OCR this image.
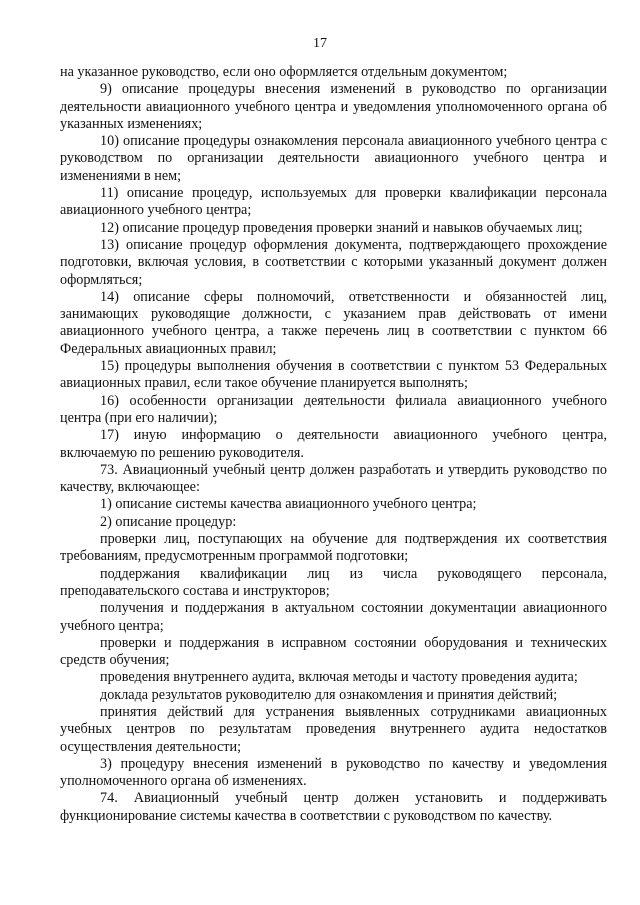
17

на указанное руководство, если оно оформляется отдельным документом;

9) описание процедуры внесения изменений в руководство по организации деятельности авиационного учебного центра и уведомления уполномоченного органа об указанных изменениях;

10) описание процедуры ознакомления персонала авиационного учебного центра с руководством по организации деятельности авиационного учебного центра и изменениями в нем;

11) описание процедур, используемых для проверки квалификации персонала авиационного учебного центра;

12) описание процедур проведения проверки знаний и навыков обучаемых лиц;

13) описание процедур оформления документа, подтверждающего прохождение подготовки, включая условия, в соответствии с которыми указанный документ должен оформляться;

14) описание сферы полномочий, ответственности и обязанностей лиц, занимающих руководящие должности, с указанием прав действовать от имени авиационного учебного центра, а также перечень лиц в соответствии с пунктом 66 Федеральных авиационных правил;

15) процедуры выполнения обучения в соответствии с пунктом 53 Федеральных авиационных правил, если такое обучение планируется выполнять;

16) особенности организации деятельности филиала авиационного учебного центра (при его наличии);

17) иную информацию о деятельности авиационного учебного центра, включаемую по решению руководителя.

73. Авиационный учебный центр должен разработать и утвердить руководство по качеству, включающее:

1) описание системы качества авиационного учебного центра;

2) описание процедур:

проверки лиц, поступающих на обучение для подтверждения их соответствия требованиям, предусмотренным программой подготовки;

поддержания квалификации лиц из числа руководящего персонала, преподавательского состава и инструкторов;

получения и поддержания в актуальном состоянии документации авиационного учебного центра;

проверки и поддержания в исправном состоянии оборудования и технических средств обучения;

проведения внутреннего аудита, включая методы и частоту проведения аудита;

доклада результатов руководителю для ознакомления и принятия действий;

принятия действий для устранения выявленных сотрудниками авиационных учебных центров по результатам проведения внутреннего аудита недостатков осуществления деятельности;

3) процедуру внесения изменений в руководство по качеству и уведомления уполномоченного органа об изменениях.

74. Авиационный учебный центр должен установить и поддерживать функционирование системы качества в соответствии с руководством по качеству.
